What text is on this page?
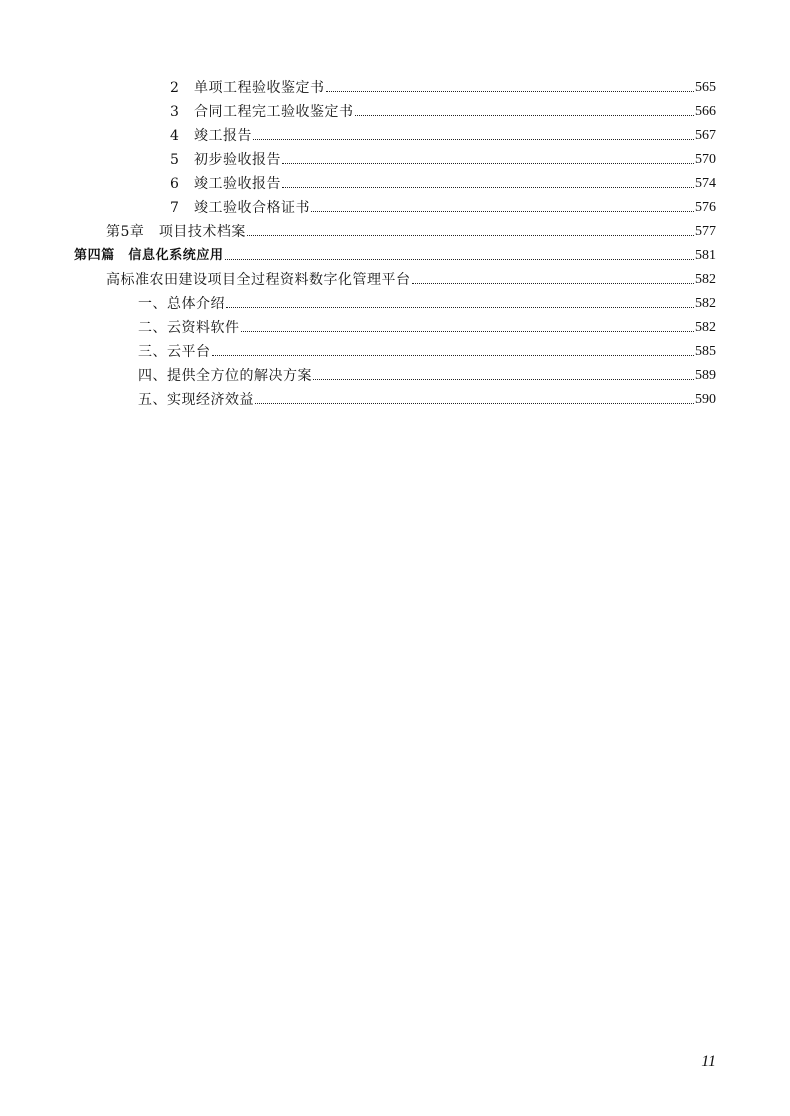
2	单项工程验收鉴定书	565
3	合同工程完工验收鉴定书	566
4	竣工报告	567
5	初步验收报告	570
6	竣工验收报告	574
7	竣工验收合格证书	576
第5章　项目技术档案	577
第四篇　信息化系统应用	581
高标准农田建设项目全过程资料数字化管理平台	582
一、总体介绍	582
二、云资料软件	582
三、云平台	585
四、提供全方位的解决方案	589
五、实现经济效益	590
11
